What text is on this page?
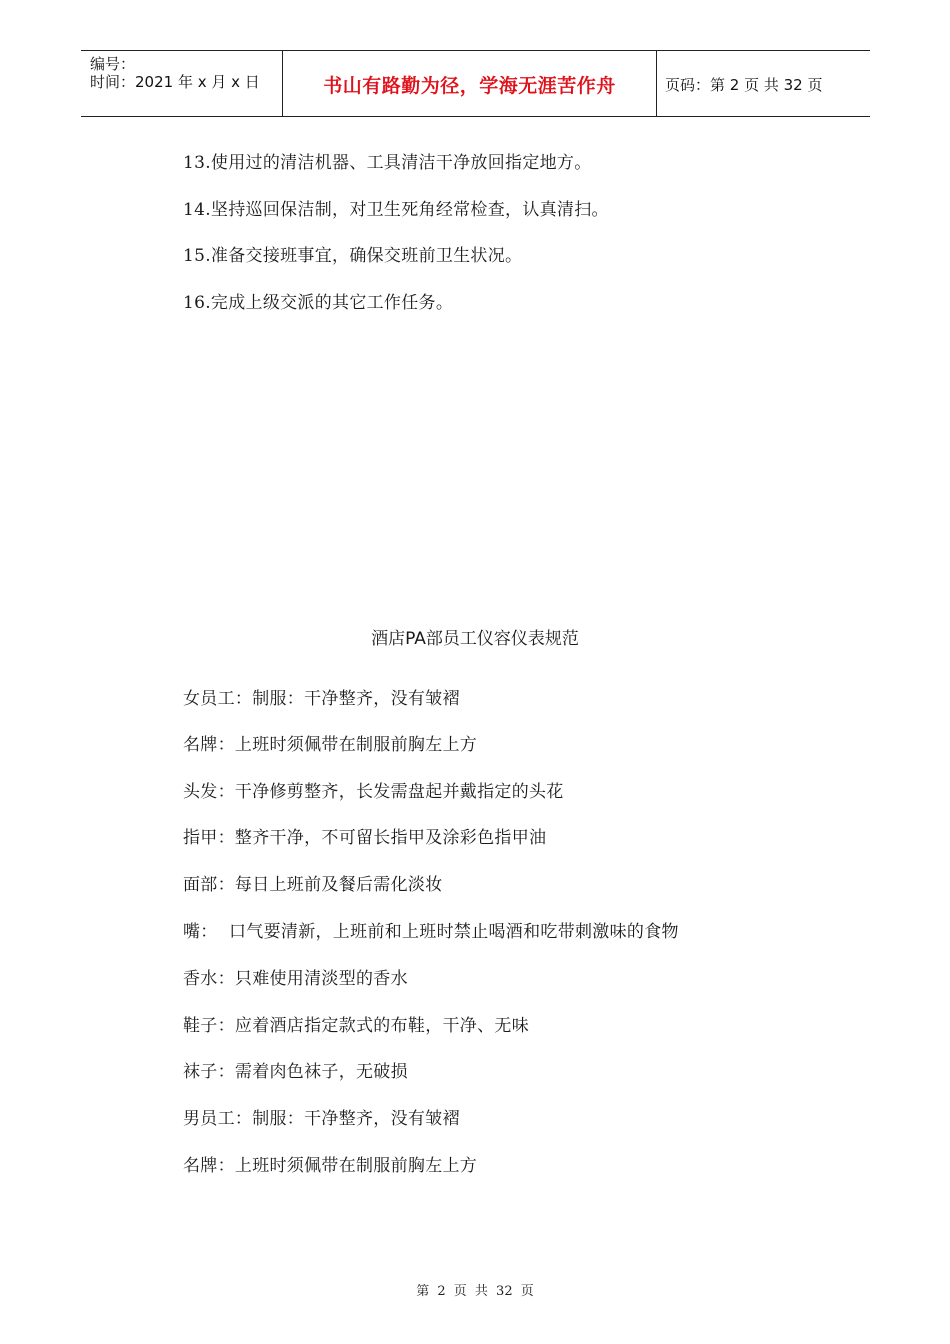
编号：
时间：2021 年 x 月 x 日	书山有路勤为径，学海无涯苦作舟	页码：第 2 页 共 32 页
13.使用过的清洁机器、工具清洁干净放回指定地方。
14.坚持巡回保洁制，对卫生死角经常检查，认真清扫。
15.准备交接班事宜，确保交班前卫生状况。
16.完成上级交派的其它工作任务。
酒店PA部员工仪容仪表规范
女员工：制服：干净整齐，没有皱褶
名牌：上班时须佩带在制服前胸左上方
头发：干净修剪整齐，长发需盘起并戴指定的头花
指甲：整齐干净，不可留长指甲及涂彩色指甲油
面部：每日上班前及餐后需化淡妆
嘴：  口气要清新，上班前和上班时禁止喝酒和吃带刺激味的食物
香水：只难使用清淡型的香水
鞋子：应着酒店指定款式的布鞋，干净、无味
袜子：需着肉色袜子，无破损
男员工：制服：干净整齐，没有皱褶
名牌：上班时须佩带在制服前胸左上方
第 2 页 共 32 页
